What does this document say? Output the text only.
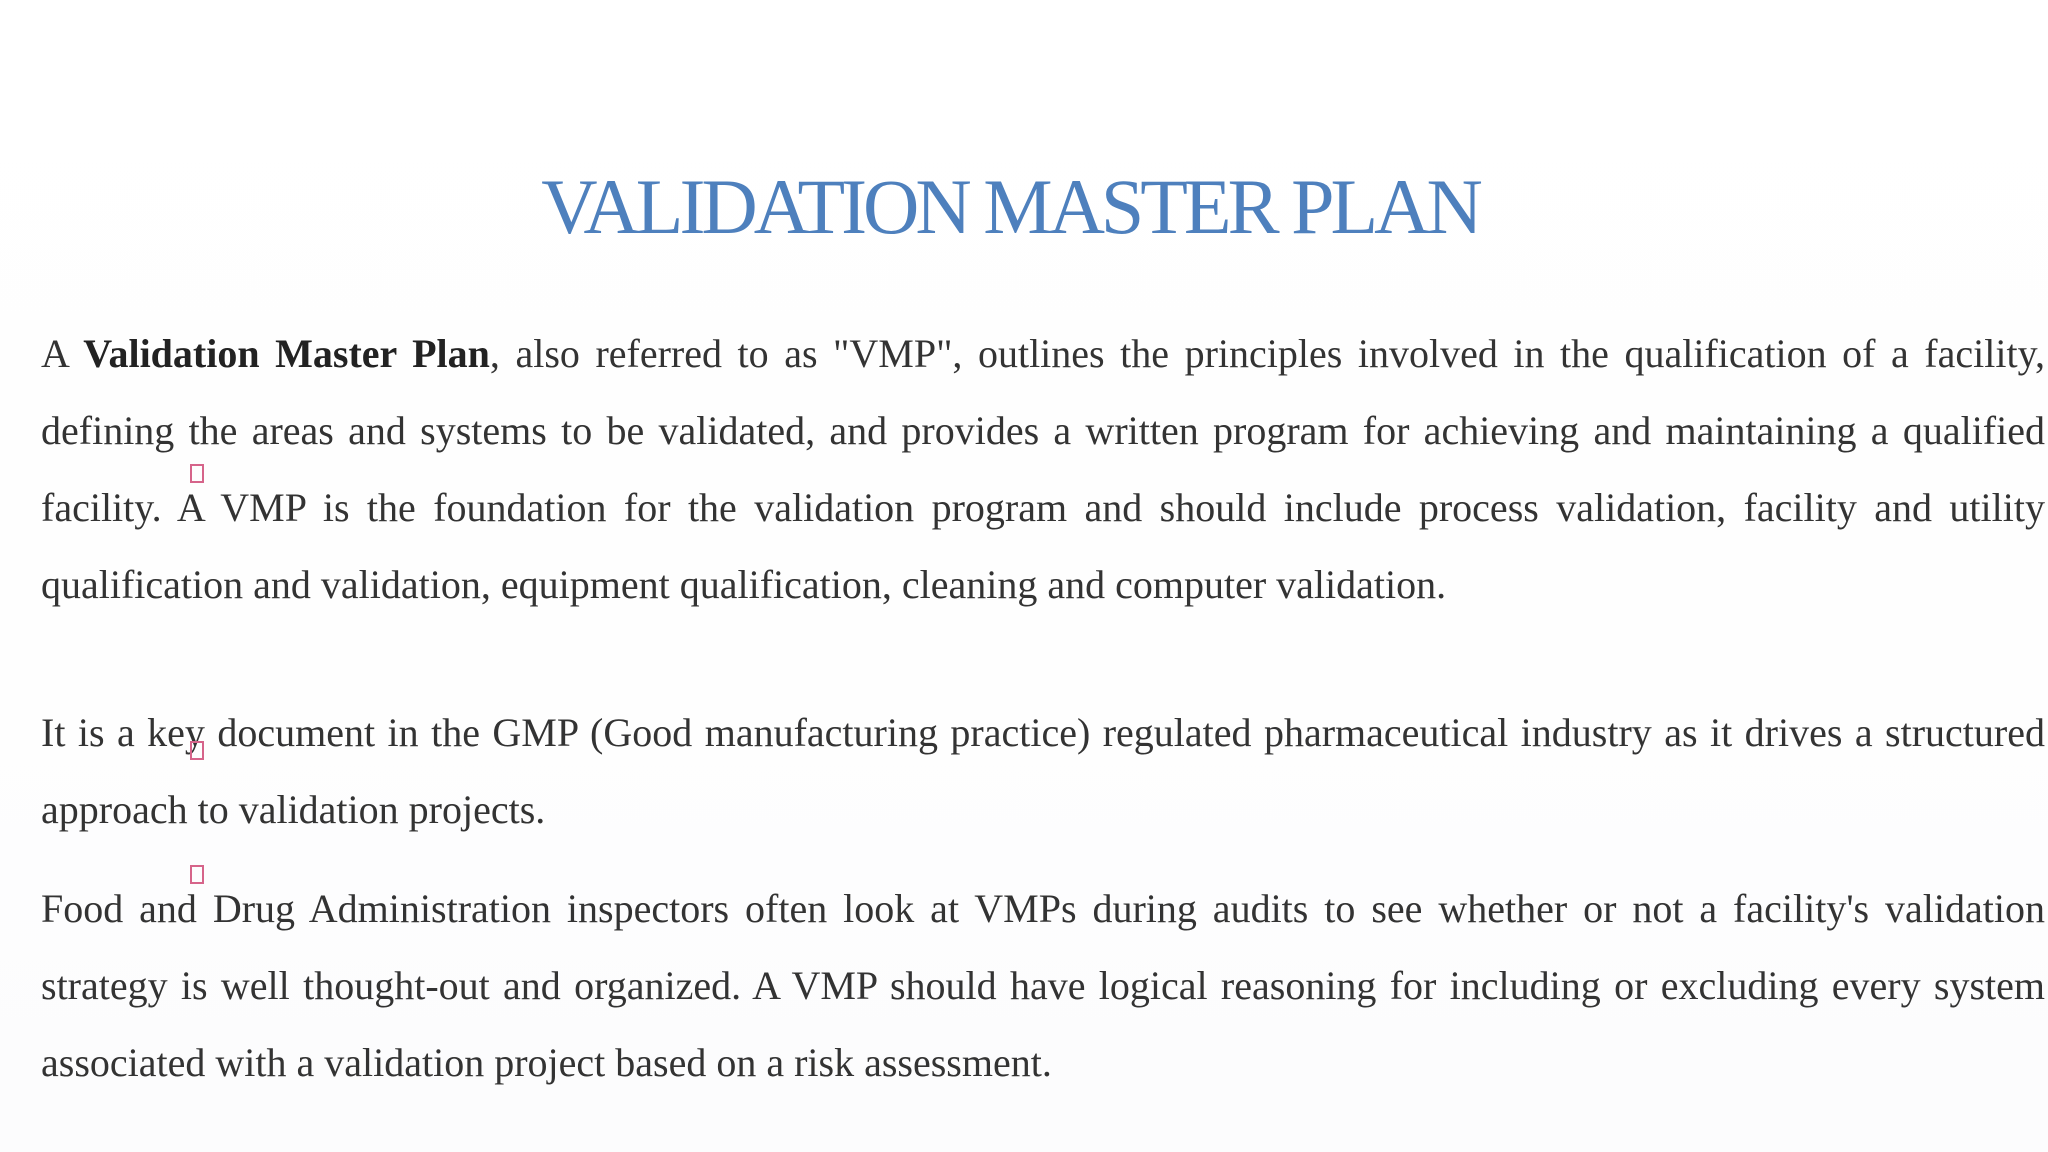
VALIDATION MASTER PLAN

A Validation Master Plan, also referred to as "VMP", outlines the principles involved in the qualification of a facility, defining the areas and systems to be validated, and provides a written program for achieving and maintaining a qualified facility. A VMP is the foundation for the validation program and should include process validation, facility and utility qualification and validation, equipment qualification, cleaning and computer validation.

It is a key document in the GMP (Good manufacturing practice) regulated pharmaceutical industry as it drives a structured approach to validation projects.

Food and Drug Administration inspectors often look at VMPs during audits to see whether or not a facility's validation strategy is well thought-out and organized. A VMP should have logical reasoning for including or excluding every system associated with a validation project based on a risk assessment.
